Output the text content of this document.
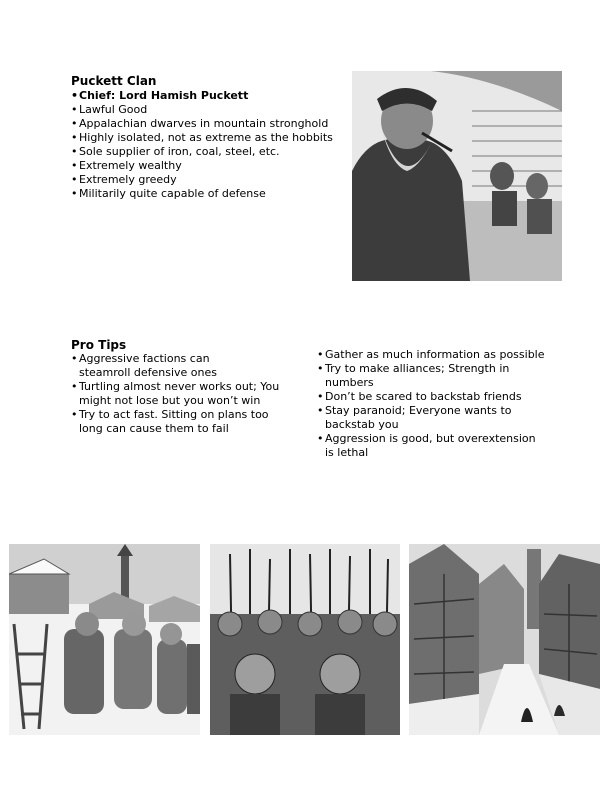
Puckett Clan
• Chief: Lord Hamish Puckett
• Lawful Good
• Appalachian dwarves in mountain stronghold
• Highly isolated, not as extreme as the hobbits
• Sole supplier of iron, coal, steel, etc.
• Extremely wealthy
• Extremely greedy
• Militarily quite capable of defense
Pro Tips
• Aggressive factions can steamroll defensive ones
• Turtling almost never works out; You might not lose but you won’t win
• Try to act fast. Sitting on plans too long can cause them to fail
• Gather as much information as possible
• Try to make alliances; Strength in numbers
• Don’t be scared to backstab friends
• Stay paranoid; Everyone wants to backstab you
• Aggression is good, but overextension is lethal
